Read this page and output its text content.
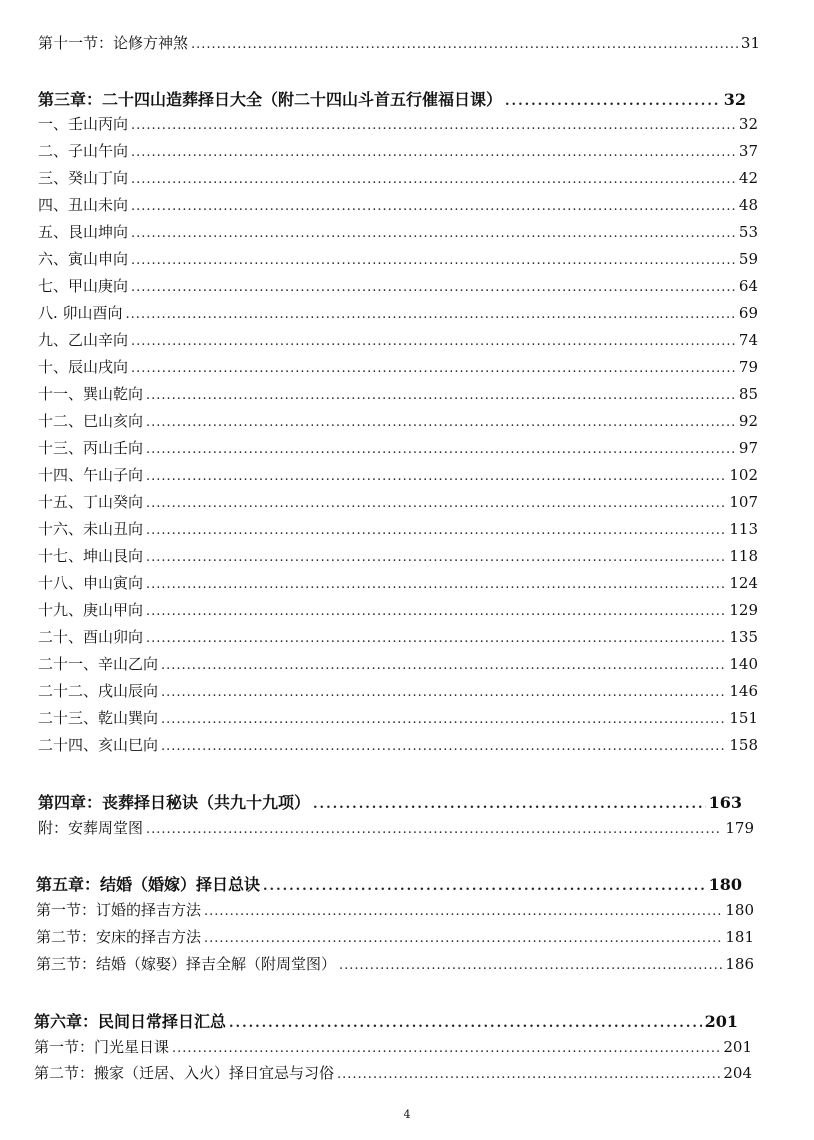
第十一节：论修方神煞 .....	31
第三章：二十四山造葬择日大全（附二十四山斗首五行催福日课） .....	32
一、壬山丙向 .....	32
二、子山午向 .....	37
三、癸山丁向 .....	42
四、丑山未向 .....	48
五、艮山坤向 .....	53
六、寅山申向 .....	59
七、甲山庚向 .....	64
八. 卯山酉向 .....	69
九、乙山辛向 .....	74
十、辰山戌向 .....	79
十一、巽山乾向 .....	85
十二、巳山亥向 .....	92
十三、丙山壬向 .....	97
十四、午山子向 .....	102
十五、丁山癸向 .....	107
十六、未山丑向 .....	113
十七、坤山艮向 .....	118
十八、申山寅向 .....	124
十九、庚山甲向 .....	129
二十、酉山卯向 .....	135
二十一、辛山乙向 .....	140
二十二、戌山辰向 .....	146
二十三、乾山巽向 .....	151
二十四、亥山巳向 .....	158
第四章：丧葬择日秘诀（共九十九项） .....	163
附：安葬周堂图 .....	179
第五章：结婚（婚嫁）择日总诀 .....	180
第一节：订婚的择吉方法 .....	180
第二节：安床的择吉方法 .....	181
第三节：结婚（嫁娶）择吉全解（附周堂图） .....	186
第六章：民间日常择日汇总 .....	201
第一节：门光星日课 .....	201
第二节：搬家（迁居、入火）择日宜忌与习俗 .....	204
4
